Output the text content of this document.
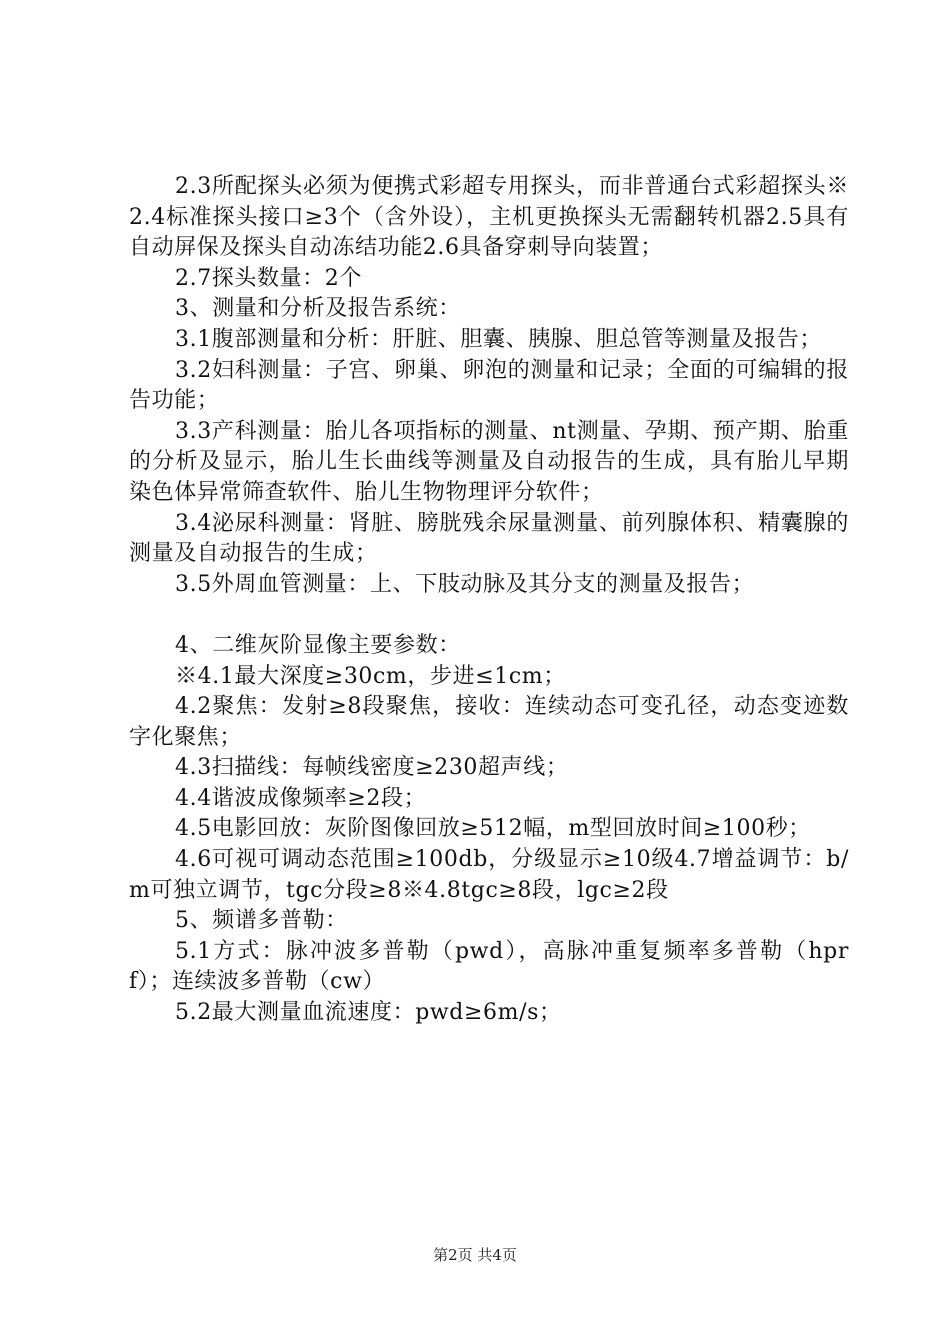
2.3所配探头必须为便携式彩超专用探头，而非普通台式彩超探头※2.4标准探头接口≥3个（含外设），主机更换探头无需翻转机器2.5具有自动屏保及探头自动冻结功能2.6具备穿刺导向装置；

2.7探头数量：2个

3、测量和分析及报告系统：

3.1腹部测量和分析：肝脏、胆囊、胰腺、胆总管等测量及报告；

3.2妇科测量：子宫、卵巢、卵泡的测量和记录；全面的可编辑的报告功能；

3.3产科测量：胎儿各项指标的测量、nt测量、孕期、预产期、胎重的分析及显示，胎儿生长曲线等测量及自动报告的生成，具有胎儿早期染色体异常筛查软件、胎儿生物物理评分软件；

3.4泌尿科测量：肾脏、膀胱残余尿量测量、前列腺体积、精囊腺的测量及自动报告的生成；

3.5外周血管测量：上、下肢动脉及其分支的测量及报告；

4、二维灰阶显像主要参数：

※4.1最大深度≥30cm，步进≤1cm；

4.2聚焦：发射≥8段聚焦，接收：连续动态可变孔径，动态变迹数字化聚焦；

4.3扫描线：每帧线密度≥230超声线；

4.4谐波成像频率≥2段；

4.5电影回放：灰阶图像回放≥512幅，m型回放时间≥100秒；

4.6可视可调动态范围≥100db，分级显示≥10级4.7增益调节：b/m可独立调节，tgc分段≥8※4.8tgc≥8段，lgc≥2段

5、频谱多普勒：

5.1方式：脉冲波多普勒（pwd），高脉冲重复频率多普勒（hprf）；连续波多普勒（cw）

5.2最大测量血流速度：pwd≥6m/s；

第2页 共4页
